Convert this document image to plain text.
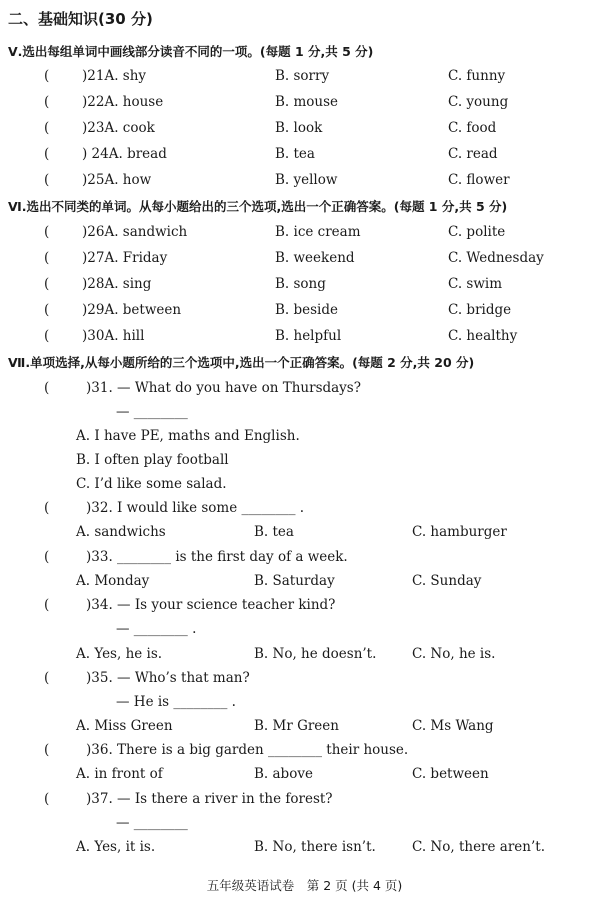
二、基础知识(30 分)
Ⅴ.选出每组单词中画线部分读音不同的一项。(每题 1 分,共 5 分)
( )21A. shy	B. sorry	C. funny
( )22A. house	B. mouse	C. young
( )23A. cook	B. look	C. food
( ) 24A. bread	B. tea	C. read
( )25A. how	B. yellow	C. flower
Ⅵ.选出不同类的单词。从每小题给出的三个选项,选出一个正确答案。(每题 1 分,共 5 分)
( )26A. sandwich	B. ice cream	C. polite
( )27A. Friday	B. weekend	C. Wednesday
( )28A. sing	B. song	C. swim
( )29A. between	B. beside	C. bridge
( )30A. hill	B. helpful	C. healthy
Ⅶ.单项选择,从每小题所给的三个选项中,选出一个正确答案。(每题 2 分,共 20 分)
(	)31. — What do you have on Thursdays?
— ________
A. I have PE, maths and English.
B. I often play football
C. I’d like some salad.
(	)32. I would like some ________ .
A. sandwichs	B. tea	C. hamburger
(	)33. ________ is the first day of a week.
A. Monday	B. Saturday	C. Sunday
(	)34. — Is your science teacher kind?
— ________ .
A. Yes, he is.	B. No, he doesn’t.	C. No, he is.
(	)35. — Who’s that man?
— He is ________ .
A. Miss Green	B. Mr Green	C. Ms Wang
(	)36. There is a big garden ________ their house.
A. in front of	B. above	C. between
(	)37. — Is there a river in the forest?
— ________
A. Yes, it is.	B. No, there isn’t.	C. No, there aren’t.
五年级英语试卷　第 2 页 (共 4 页)
